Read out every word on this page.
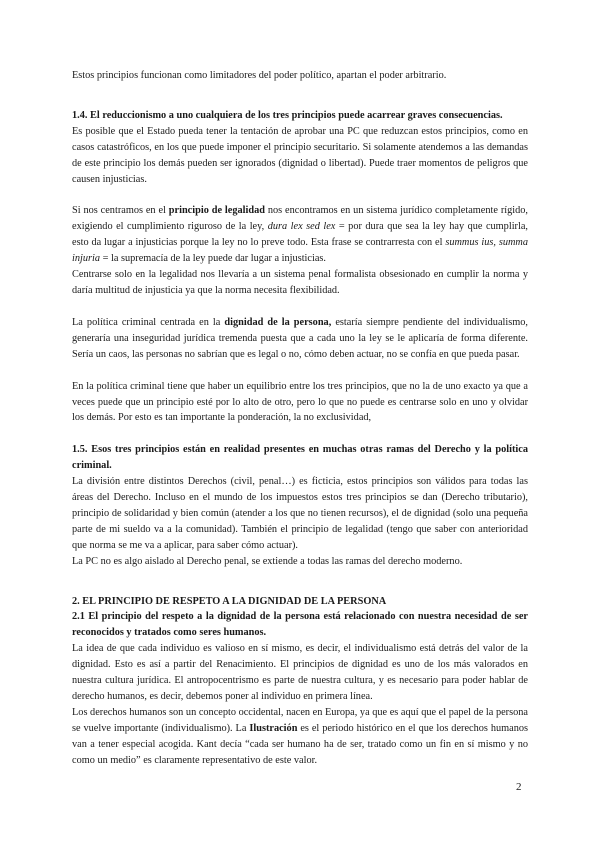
Estos principios funcionan como limitadores del poder político, apartan el poder arbitrario.

1.4. El reduccionismo a uno cualquiera de los tres principios puede acarrear graves consecuencias.

Es posible que el Estado pueda tener la tentación de aprobar una PC que reduzcan estos principios, como en casos catastróficos, en los que puede imponer el principio securitario. Si solamente atendemos a las demandas de este principio los demás pueden ser ignorados (dignidad o libertad). Puede traer momentos de peligros que causen injusticias.

Si nos centramos en el principio de legalidad nos encontramos en un sistema jurídico completamente rígido, exigiendo el cumplimiento riguroso de la ley, dura lex sed lex = por dura que sea la ley hay que cumplirla, esto da lugar a injusticias porque la ley no lo preve todo. Esta frase se contrarresta con el summus ius, summa injuria = la supremacía de la ley puede dar lugar a injusticias.

Centrarse solo en la legalidad nos llevaría a un sistema penal formalista obsesionado en cumplir la norma y daría multitud de injusticia ya que la norma necesita flexibilidad.

La política criminal centrada en la dignidad de la persona, estaría siempre pendiente del individualismo, generaría una inseguridad jurídica tremenda puesta que a cada uno la ley se le aplicaría de forma diferente. Sería un caos, las personas no sabrían que es legal o no, cómo deben actuar, no se confía en que pueda pasar.

En la política criminal tiene que haber un equilibrio entre los tres principios, que no la de uno exacto ya que a veces puede que un principio esté por lo alto de otro, pero lo que no puede es centrarse solo en uno y olvidar los demás. Por esto es tan importante la ponderación, la no exclusividad,

1.5. Esos tres principios están en realidad presentes en muchas otras ramas del Derecho y la política criminal.

La división entre distintos Derechos (civil, penal…) es ficticia, estos principios son válidos para todas las áreas del Derecho. Incluso en el mundo de los impuestos estos tres principios se dan (Derecho tributario), principio de solidaridad y bien común (atender a los que no tienen recursos), el de dignidad (solo una pequeña parte de mi sueldo va a la comunidad). También el principio de legalidad (tengo que saber con anterioridad que norma se me va a aplicar, para saber cómo actuar).

La PC no es algo aislado al Derecho penal, se extiende a todas las ramas del derecho moderno.

2. EL PRINCIPIO DE RESPETO A LA DIGNIDAD DE LA PERSONA

2.1 El principio del respeto a la dignidad de la persona está relacionado con nuestra necesidad de ser reconocidos y tratados como seres humanos.

La idea de que cada individuo es valioso en sí mismo, es decir, el individualismo está detrás del valor de la dignidad. Esto es así a partir del Renacimiento. El principios de dignidad es uno de los más valorados en nuestra cultura jurídica. El antropocentrismo es parte de nuestra cultura, y es necesario para poder hablar de derecho humanos, es decir, debemos poner al individuo en primera línea.

Los derechos humanos son un concepto occidental, nacen en Europa, ya que es aquí que el papel de la persona se vuelve importante (individualismo). La Ilustración es el periodo histórico en el que los derechos humanos van a tener especial acogida. Kant decía “cada ser humano ha de ser, tratado como un fin en sí mismo y no como un medio” es claramente representativo de este valor.

2
